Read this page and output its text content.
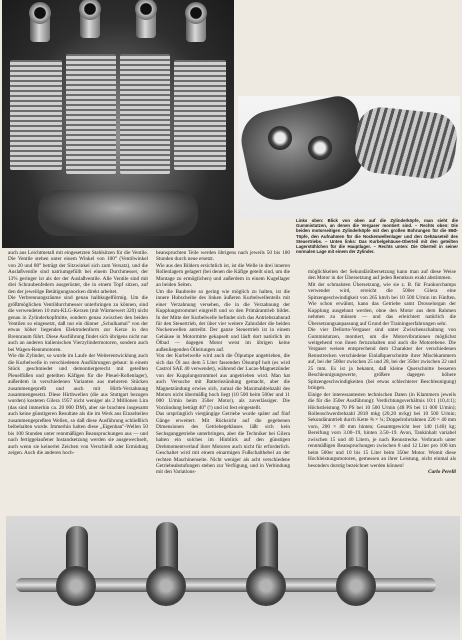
Links oben: Blick von oben auf die Zylinderköpfe, man sieht die Gummistutzen, an denen die Vergaser montiert sind. – Rechts oben: Die beiden motorseitigen Zylinderköpfe mit den großen Bohrungen für die 86Ø-Töpfe, den Aufnahmen für die Nockenwellenlager und den Gehäuseteil des Steuertriebs. – Unten links: Das Kurbelgehäuse-Oberteil mit den geteilten Lagerstühlchen für die Hauptlager. – Rechts unten: Die Oberteil in seiner normalen Lage mit einem der Zylinder.

auch aus Leichtmetall mit eingesetzten Stahlsitzen für die Ventile. Die Ventile stehen unter einem Winkel von 100° (Ventilwinkel von 20 und 80° beträgt der Sitzwinkel sich zum Versatz), und die Auslaßventile sind natriumgefüllt bei einem Durchmesser, der 13% geringer ist als der der Auslaßventile. Alle Ventile sind mit drei Schraubenfedern ausgerüstet, die in einem Topf sitzen, auf den der jeweilige Betätigungsnocken direkt arbeitet.

Die Verbrennungsräume sind genau halbkugelförmig. Um die größtmöglichen Ventildurchmesser unterbringen zu können, sind die verwendeten 10 mm-KLG-Kerzen (mit Wärmewert 320) nicht genau in Zylinderkopfmitte, sondern genau zwischen den beiden Ventilen so eingesetzt, daß nur ein dünner „Schulkamal" von der etwas höher liegenden Elektrodenform zur Kerze in den Brennraum führt. Diese Ausführung findet sich übrigens nicht nur auch an anderen italienischen Vierzylindermotoren, sondern auch bei Wagen-Rennmotoren.

Wie die Zylinder, so wurde im Laufe der Weiterentwicklung auch die Kurbelwelle in verschiedenen Ausführungen gebaut: in einem Stück geschmiedet und demontiergerecht mit geteilten Pleuelfüßen und geteilten Käfigen für die Pleuel-Rollenlager), außerdem in verschiedenen Varianten aus mehreren Stücken zusammengepreßt und auch mit Hirth-Verzahnung zusammengesetzt. Diese Hirthwellen (die aus Stuttgart bezogen wurden) kosteten Gilera 1957 nicht weniger als 2 Millionen Lira (das sind immerhin ca. 20 000 DM), aber sie brachten insgesamt auch keine günstigeren Resultate als die im Werk aus Einzelteilen zusammengepreßten Wellen, so daß diese Ausführung schließlich beibehalten wurde. Immerhin halten diese „Eigenbau"-Wellen 50 bis 100 Stunden unter rennmäßigen Beanspruchungen aus — und nach fertiggelaufener Instandsetzung werden sie ausgewechselt, auch wenn sie keinerlei Zeichen von Verschleiß oder Ermüdung zeigen. Auch die anderen hoch-

beanspruchten Teile werden übrigens nach jeweils 50 bis 100 Stunden durch neue ersetzt.

Wie aus den Bildern ersichtlich ist, ist die Welle in drei inneren Rollenlagern gelagert (bei denen die Käfige geteilt sind, um die Montage zu ermöglichen) und außerdem in einem Kugellager an beiden Seiten.

Um die Baubreite so gering wie möglich zu halten, ist die innere Hubscheibe des linken äußeren Kurbelwellenteils mit einer Verzahnung versehen, die in die Verzahnung der Kupplungstrommel eingreift und so den Primärantrieb bildet. In der Mitte der Kurbelwelle befindet sich das Antriebszahnrad für den Steuertrieb, der über vier weitere Zahnräder die beiden Nockenwellen antreibt. Der ganze Steuertrieb ist in einem Gehäuse in Motormitte gekapselt und läuft dort natürlich im Ölbad — dagegen Motor weist im übrigen keine außenliegenden Ölleitungen auf.

Von der Kurbelwelle wird auch die Ölpumpe angetrieben, die sich das Öl aus dem 5 Liter fassenden Ölsumpf holt (es wird Castrol SAE 40 verwendet), während der Lucas-Magnetzünder von der Kupplungstrommel aus angetrieben wird. Man hat auch Versuche mit Batteriezündung gemacht, aber die Magnetzündung erwies sich, zumal die Maximaldrehzahl des Motors nicht übermäßig hoch liegt (10 500 beim 500er und 11 000 U/min beim 350er Motor), als zuverlässiger. Die Vorzündung beträgt 40° (!) und ist fest eingestellt.

Das ursprünglich viergängige Getriebe wurde später auf fünf Gänge erweitert. Mit Rücksicht auf die gegebenen Dimensionen des Getriebegehäuses läßt sich kein Sechsganggetriebe unterbringen, aber die Techniker bei Gilera halten ein solches im Hinblick auf den günstigen Drehmomentverlauf ihrer Motoren auch nicht für erforderlich. Geschaltet wird mit einem einarmigen Fußschalthebel an der rechten Maschinenseite. Nicht weniger als acht verschiedene Getriebeabstufungen stehen zur Verfügung, und in Verbindung mit den Variations-

möglichkeiten der Sekundärübersetzung kann man auf diese Weise den Motor in der Übersetzung auf jeden Rennkurs exakt abstimmen.

Mit der schmalsten Übersetzung, wie sie z. B. für Frankorchamps verwendet wird, erreicht die 500er Gilera eine Spitzengeschwindigkeit von 265 km/h bei 10 500 U/min im Fünften. Wie schon erwähnt, kann das Getriebe samt Drosselorgan der Kupplung ausgebaut werden, ohne den Motor aus dem Rahmen nehmen zu müssen — und das erleichtert natürlich die Übersetzungsanpassung auf Grund der Trainingserfahrungen sehr.

Die vier Dellorto-Vergaser sind unter Zwischenschaltung von Gummistutzen, montiert, um die Motorvibrationen möglichst weitgehend von ihnen fernzuhalten und auch die Motorebene. Die Vergaser weisen entsprechend dem Charakter der verschiedenen Rennstrecken verschiedene Einlaßquerschnitte ihrer Mischkammern auf, bei der 500er zwischen 25 und 28, bei der 350er zwischen 22 und 25 mm. Es ist ja bekannt, daß kleine Querschnitte besseren Beschleunigungswerte, größere dagegen höhere Spitzengeschwindigkeiten (bei etwas schlechterer Beschleunigung) bringen.

Einige der interessantesten technischen Daten (in Klammern jeweils die für die 350er Ausführung): Verdichtungsverhältnis 10:1 (10,4:1); Höchstleistung 70 PS bei 10 500 U/min (48 PS bei 11 000 U/min); Rollenschwerdrehzahl 2818 mkg (20,20 m/kg) bei 10 500 U/min; Sekundärantrieb durch Kette ⅝ × ¼; Doppelrohrrahmen 220 × 40 mm vorn, 200 × 40 mm hinten; Gesamtgewicht leer 140 (140) kg; Bereifung vorn 3.00–19, hinten 3.50–19. Avon, Tankinhalt variabel zwischen 15 und 40 Litern, je nach Rennstrecke. Verbrauch unter rennmäßigen Beanspruchungen zwischen 8 und 12 Liter pro 100 km beim 500er und 10 bis 15 Liter beim 350er Motor. Womit diese Hochleistungsmotoren, gemessen an ihrer Leistung, nicht einmal als besonders durstig bezeichnet werden können!

Carlo Perelli
